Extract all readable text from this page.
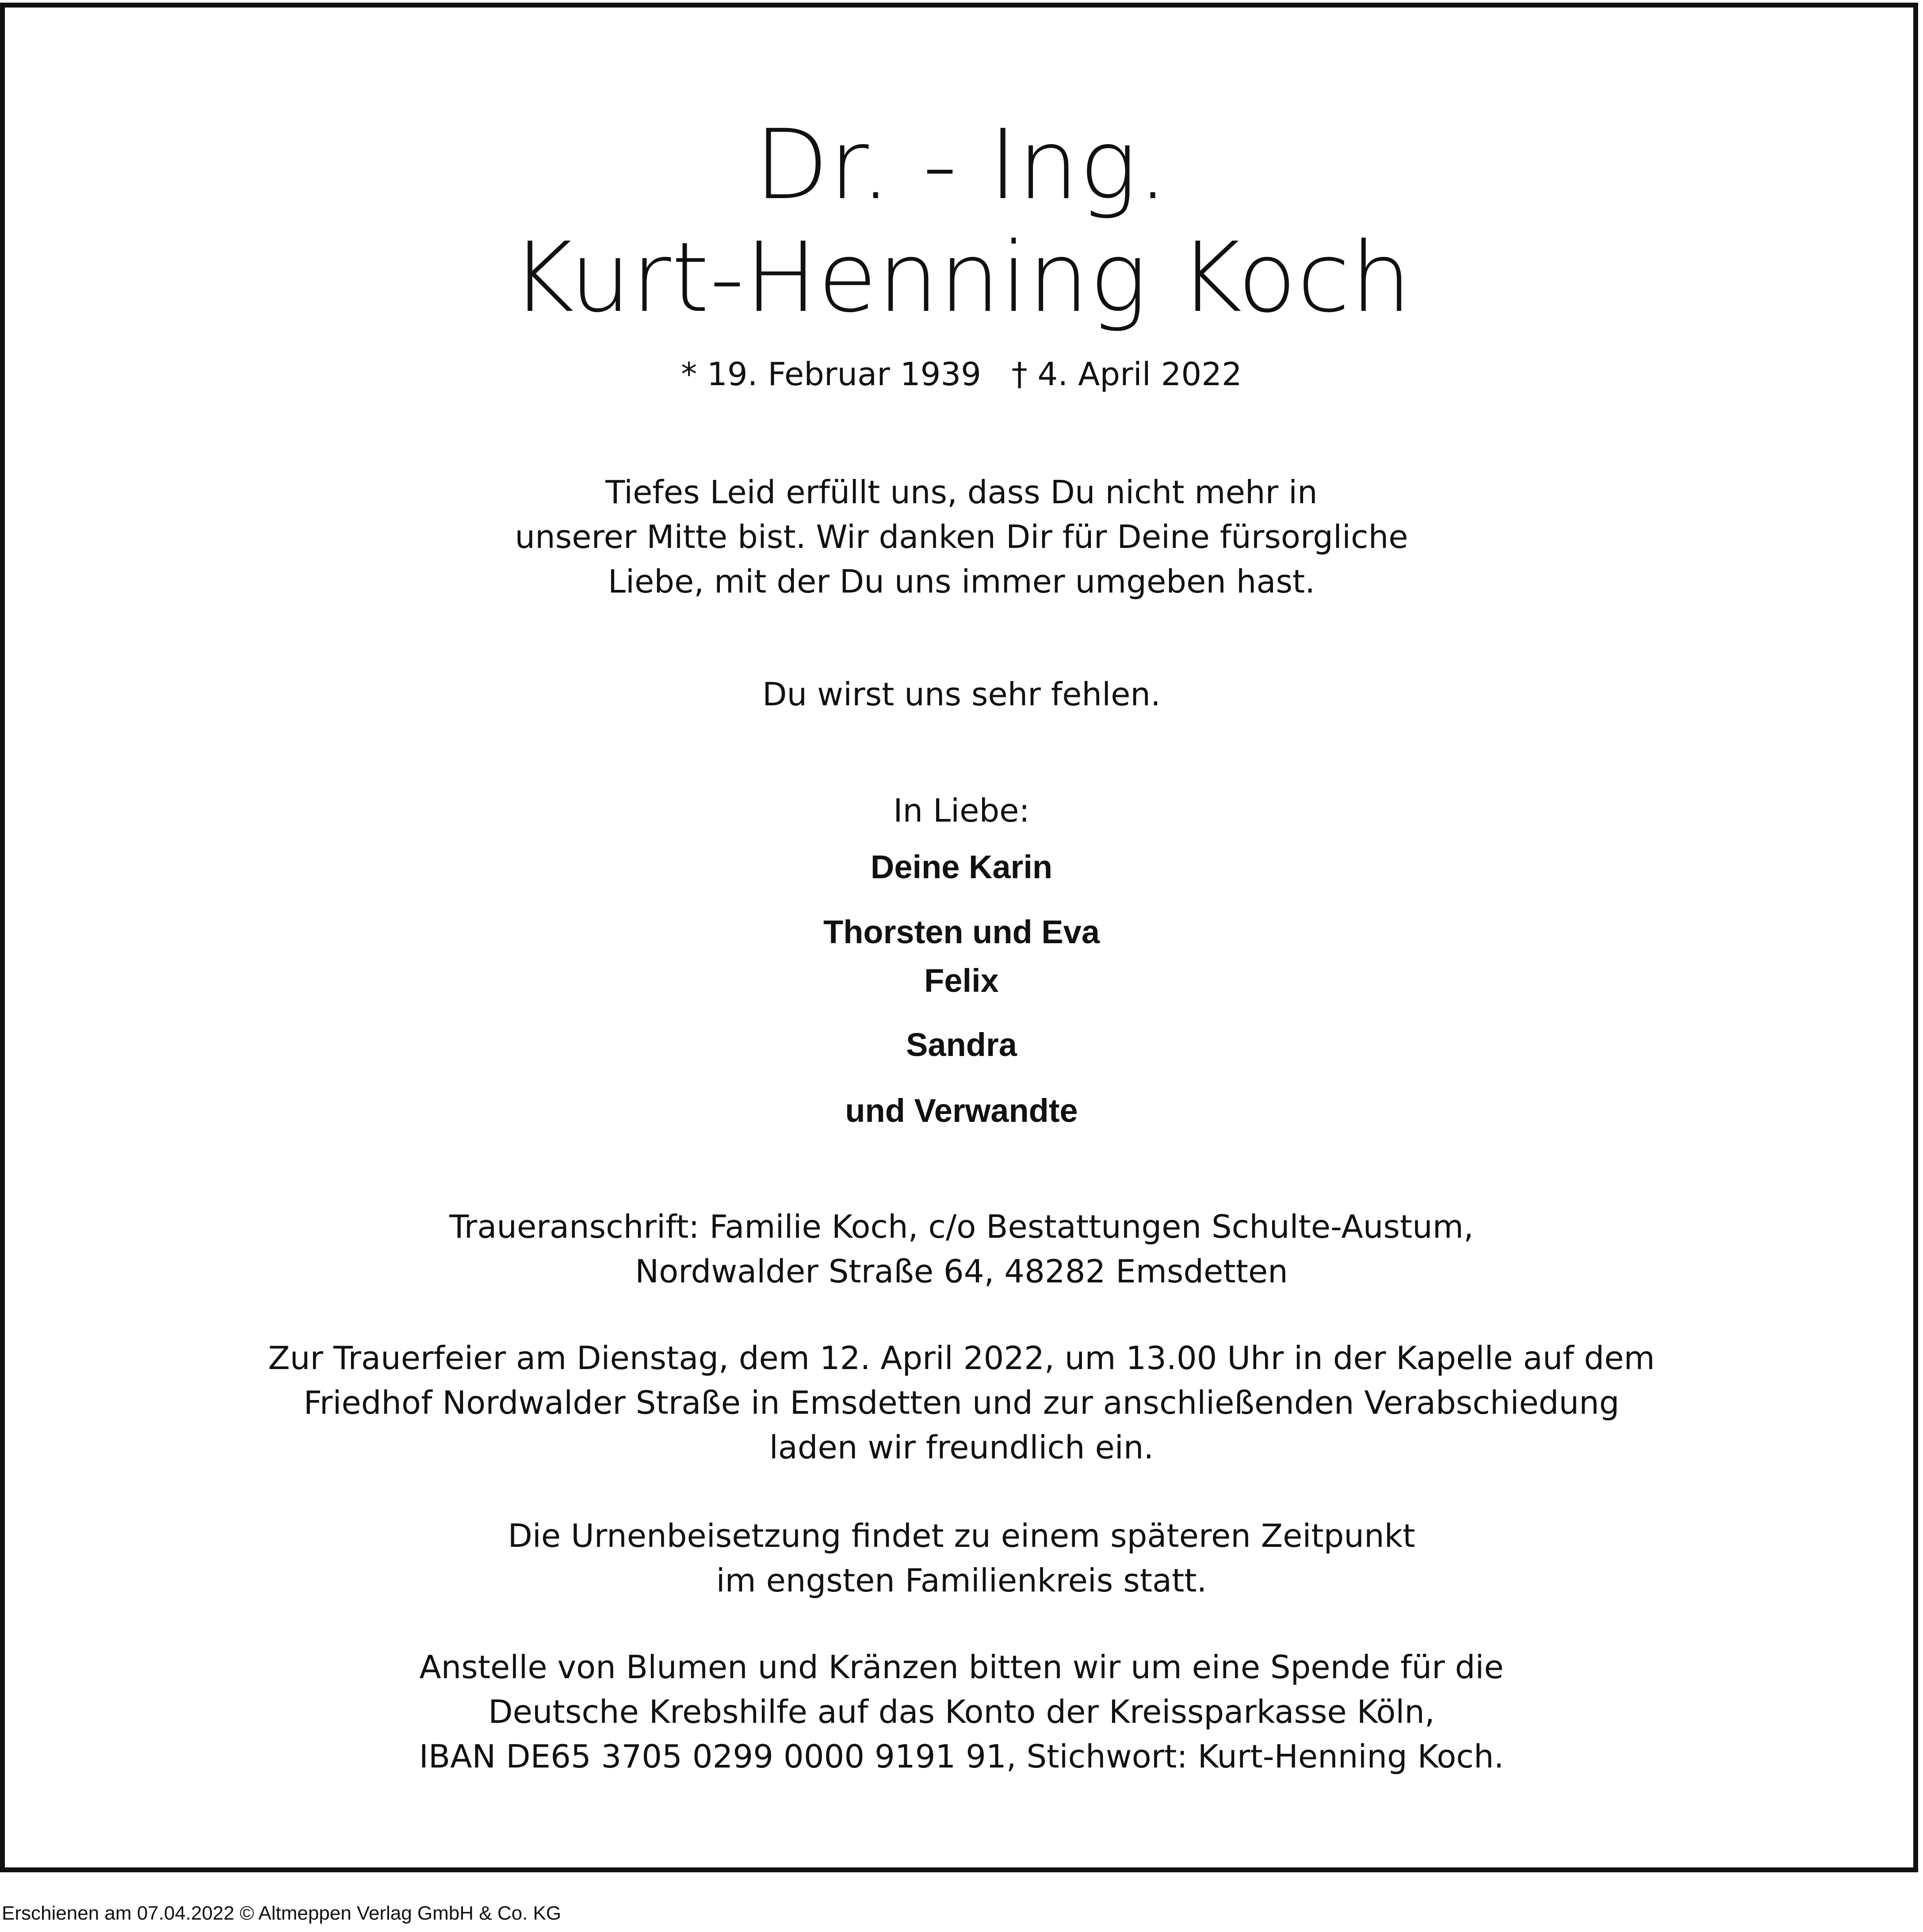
Dr. - Ing.
Kurt-Henning Koch
* 19. Februar 1939 † 4. April 2022
Tiefes Leid erfüllt uns, dass Du nicht mehr in
unserer Mitte bist. Wir danken Dir für Deine fürsorgliche
Liebe, mit der Du uns immer umgeben hast.
Du wirst uns sehr fehlen.
In Liebe:
Deine Karin
Thorsten und Eva
Felix
Sandra
und Verwandte
Traueranschrift: Familie Koch, c/o Bestattungen Schulte-Austum,
Nordwalder Straße 64, 48282 Emsdetten
Zur Trauerfeier am Dienstag, dem 12. April 2022, um 13.00 Uhr in der Kapelle auf dem
Friedhof Nordwalder Straße in Emsdetten und zur anschließenden Verabschiedung
laden wir freundlich ein.
Die Urnenbeisetzung findet zu einem späteren Zeitpunkt
im engsten Familienkreis statt.
Anstelle von Blumen und Kränzen bitten wir um eine Spende für die
Deutsche Krebshilfe auf das Konto der Kreissparkasse Köln,
IBAN DE65 3705 0299 0000 9191 91, Stichwort: Kurt-Henning Koch.
Erschienen am 07.04.2022 © Altmeppen Verlag GmbH & Co. KG
